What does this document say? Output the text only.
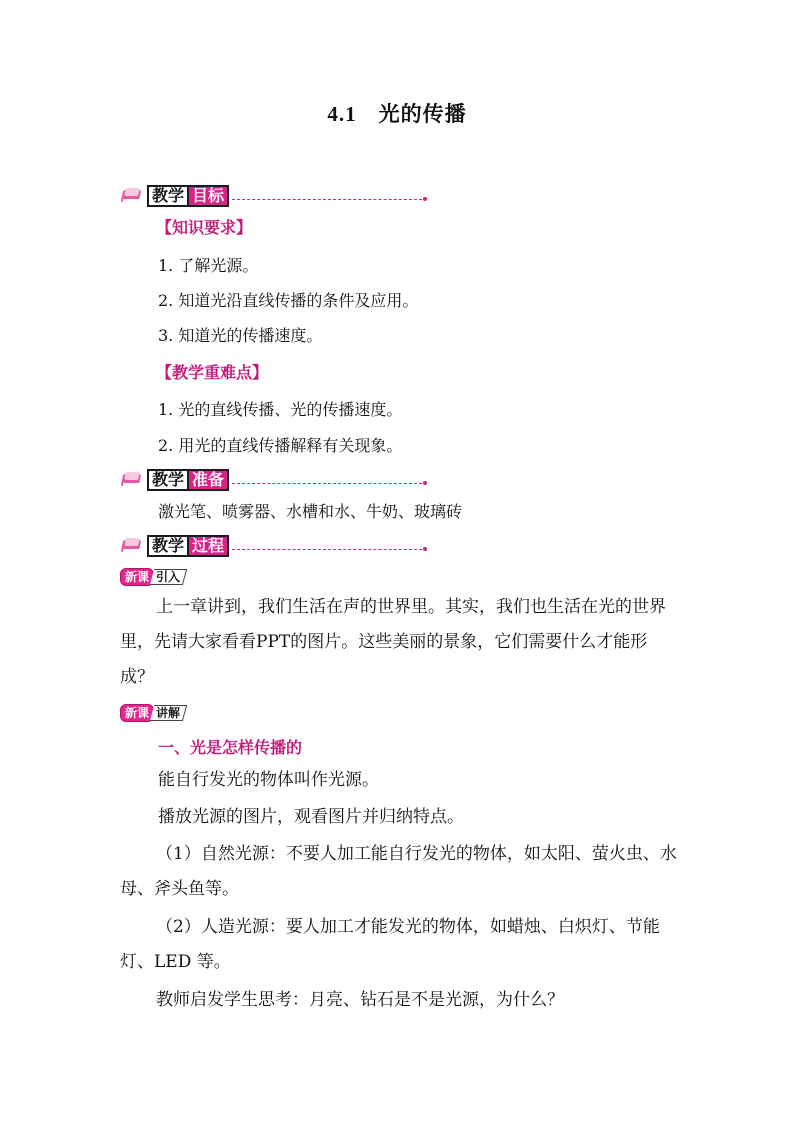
4.1 光的传播
教学 目标
【知识要求】
1. 了解光源。
2. 知道光沿直线传播的条件及应用。
3. 知道光的传播速度。
【教学重难点】
1. 光的直线传播、光的传播速度。
2. 用光的直线传播解释有关现象。
教学 准备
激光笔、喷雾器、水槽和水、牛奶、玻璃砖
教学 过程
新课 引入
上一章讲到，我们生活在声的世界里。其实，我们也生活在光的世界里，先请大家看看PPT的图片。这些美丽的景象，它们需要什么才能形成？
新课 讲解
一、光是怎样传播的
能自行发光的物体叫作光源。
播放光源的图片，观看图片并归纳特点。
（1）自然光源：不要人加工能自行发光的物体，如太阳、萤火虫、水母、斧头鱼等。
（2）人造光源：要人加工才能发光的物体，如蜡烛、白炽灯、节能灯、LED 等。
教师启发学生思考：月亮、钻石是不是光源，为什么？
